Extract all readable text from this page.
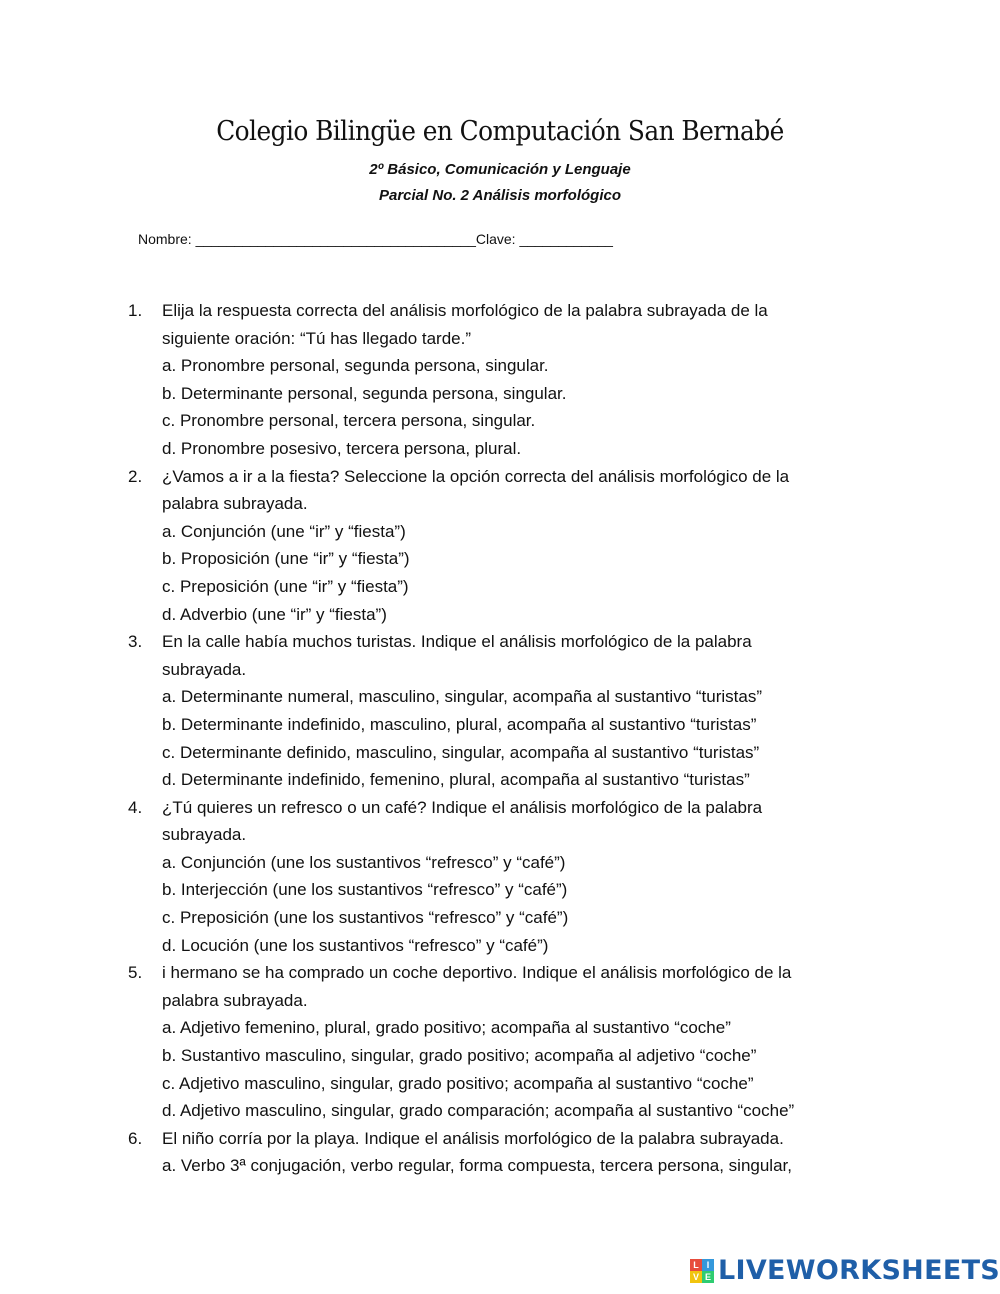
Colegio Bilingüe en Computación San Bernabé
2º Básico, Comunicación y Lenguaje
Parcial No. 2 Análisis morfológico
Nombre: ____________________________________Clave: ____________
1. Elija la respuesta correcta del análisis morfológico de la palabra subrayada de la
siguiente oración: “Tú has llegado tarde.”
a. Pronombre personal, segunda persona, singular.
b. Determinante personal, segunda persona, singular.
c. Pronombre personal, tercera persona, singular.
d. Pronombre posesivo, tercera persona, plural.
2. ¿Vamos a ir a la fiesta? Seleccione la opción correcta del análisis morfológico de la
palabra subrayada.
a. Conjunción (une “ir” y “fiesta”)
b. Proposición (une “ir” y “fiesta”)
c. Preposición (une “ir” y “fiesta”)
d. Adverbio (une “ir” y “fiesta”)
3. En la calle había muchos turistas. Indique el análisis morfológico de la palabra
subrayada.
a. Determinante numeral, masculino, singular, acompaña al sustantivo “turistas”
b. Determinante indefinido, masculino, plural, acompaña al sustantivo “turistas”
c. Determinante definido, masculino, singular, acompaña al sustantivo “turistas”
d. Determinante indefinido, femenino, plural, acompaña al sustantivo “turistas”
4. ¿Tú quieres un refresco o un café? Indique el análisis morfológico de la palabra
subrayada.
a. Conjunción (une los sustantivos “refresco” y “café”)
b. Interjección (une los sustantivos “refresco” y “café”)
c. Preposición (une los sustantivos “refresco” y “café”)
d. Locución (une los sustantivos “refresco” y “café”)
5. i hermano se ha comprado un coche deportivo. Indique el análisis morfológico de la
palabra subrayada.
a. Adjetivo femenino, plural, grado positivo; acompaña al sustantivo “coche”
b. Sustantivo masculino, singular, grado positivo; acompaña al adjetivo “coche”
c. Adjetivo masculino, singular, grado positivo; acompaña al sustantivo “coche”
d. Adjetivo masculino, singular, grado comparación; acompaña al sustantivo “coche”
6. El niño corría por la playa. Indique el análisis morfológico de la palabra subrayada.
a. Verbo 3ª conjugación, verbo regular, forma compuesta, tercera persona, singular,
L I
V E LIVEWORKSHEETS
